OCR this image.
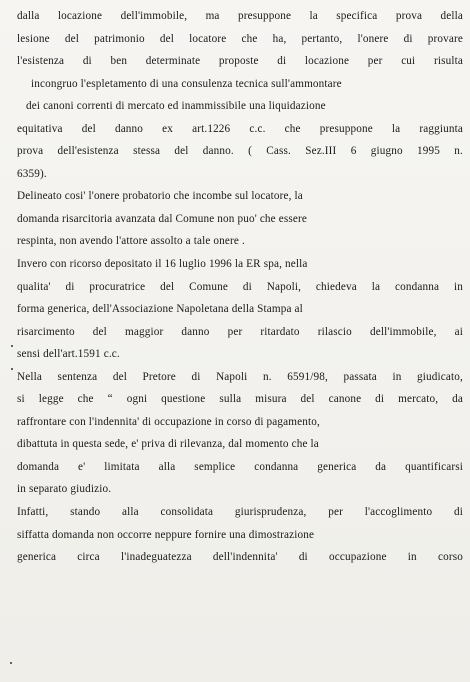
dalla locazione dell'immobile, ma presuppone la specifica prova della
lesione del patrimonio del locatore che ha, pertanto, l'onere di provare
l'esistenza di ben determinate proposte di locazione per cui risulta
incongruo l'espletamento di una consulenza tecnica sull'ammontare
dei canoni correnti di mercato ed inammissibile una liquidazione
equitativa del danno ex art.1226 c.c. che presuppone la raggiunta
prova dell'esistenza stessa del danno. ( Cass. Sez.III 6 giugno 1995 n.
6359).
Delineato cosi' l'onere probatorio che incombe sul locatore, la
domanda risarcitoria avanzata dal Comune non puo' che essere
respinta, non avendo l'attore assolto a tale onere .
Invero con ricorso depositato il 16 luglio 1996 la ER spa, nella
qualita' di procuratrice del Comune di Napoli, chiedeva la condanna in
forma generica, dell'Associazione Napoletana della Stampa al
risarcimento del maggior danno per ritardato rilascio dell'immobile, ai
sensi dell'art.1591 c.c.
Nella sentenza del Pretore di Napoli n. 6591/98, passata in giudicato,
si legge che “ ogni questione sulla misura del canone di mercato, da
raffrontare con l'indennita' di occupazione in corso di pagamento,
dibattuta in questa sede, e' priva di rilevanza, dal momento che la
domanda e' limitata alla semplice condanna generica da quantificarsi
in separato giudizio.
Infatti, stando alla consolidata giurisprudenza, per l'accoglimento di
siffatta domanda non occorre neppure fornire una dimostrazione
generica circa l'inadeguatezza dell'indennita' di occupazione in corso
